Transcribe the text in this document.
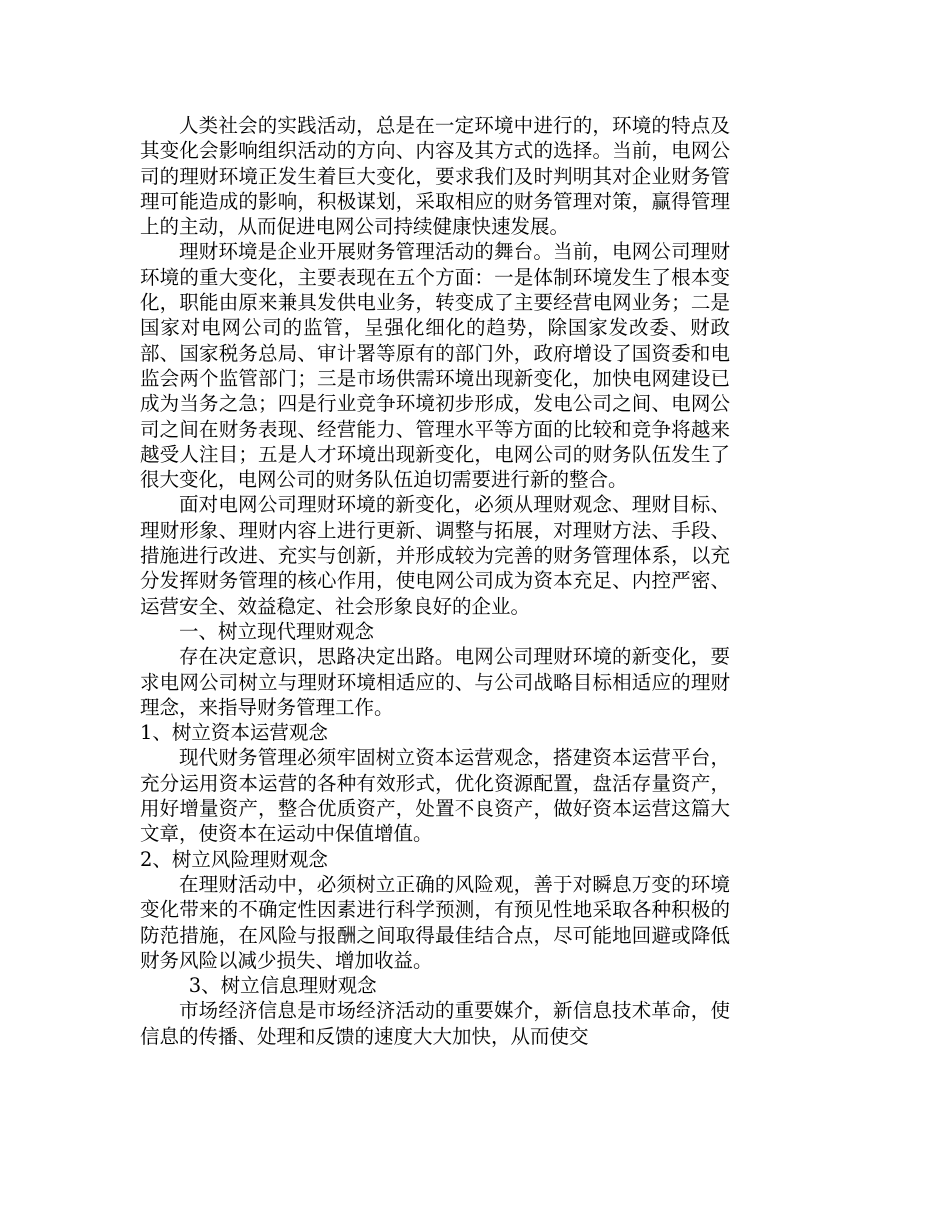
人类社会的实践活动，总是在一定环境中进行的，环境的特点及其变化会影响组织活动的方向、内容及其方式的选择。当前，电网公司的理财环境正发生着巨大变化，要求我们及时判明其对企业财务管理可能造成的影响，积极谋划，采取相应的财务管理对策，赢得管理上的主动，从而促进电网公司持续健康快速发展。

理财环境是企业开展财务管理活动的舞台。当前，电网公司理财环境的重大变化，主要表现在五个方面：一是体制环境发生了根本变化，职能由原来兼具发供电业务，转变成了主要经营电网业务；二是国家对电网公司的监管，呈强化细化的趋势，除国家发改委、财政部、国家税务总局、审计署等原有的部门外，政府增设了国资委和电监会两个监管部门；三是市场供需环境出现新变化，加快电网建设已成为当务之急；四是行业竞争环境初步形成，发电公司之间、电网公司之间在财务表现、经营能力、管理水平等方面的比较和竞争将越来越受人注目；五是人才环境出现新变化，电网公司的财务队伍发生了很大变化，电网公司的财务队伍迫切需要进行新的整合。

面对电网公司理财环境的新变化，必须从理财观念、理财目标、理财形象、理财内容上进行更新、调整与拓展，对理财方法、手段、措施进行改进、充实与创新，并形成较为完善的财务管理体系，以充分发挥财务管理的核心作用，使电网公司成为资本充足、内控严密、运营安全、效益稳定、社会形象良好的企业。

一、树立现代理财观念

存在决定意识，思路决定出路。电网公司理财环境的新变化，要求电网公司树立与理财环境相适应的、与公司战略目标相适应的理财理念，来指导财务管理工作。

1、树立资本运营观念

现代财务管理必须牢固树立资本运营观念，搭建资本运营平台，充分运用资本运营的各种有效形式，优化资源配置，盘活存量资产，用好增量资产，整合优质资产，处置不良资产，做好资本运营这篇大文章，使资本在运动中保值增值。

2、树立风险理财观念

在理财活动中，必须树立正确的风险观，善于对瞬息万变的环境变化带来的不确定性因素进行科学预测，有预见性地采取各种积极的防范措施，在风险与报酬之间取得最佳结合点，尽可能地回避或降低财务风险以减少损失、增加收益。

3、树立信息理财观念

市场经济信息是市场经济活动的重要媒介，新信息技术革命，使信息的传播、处理和反馈的速度大大加快，从而使交
